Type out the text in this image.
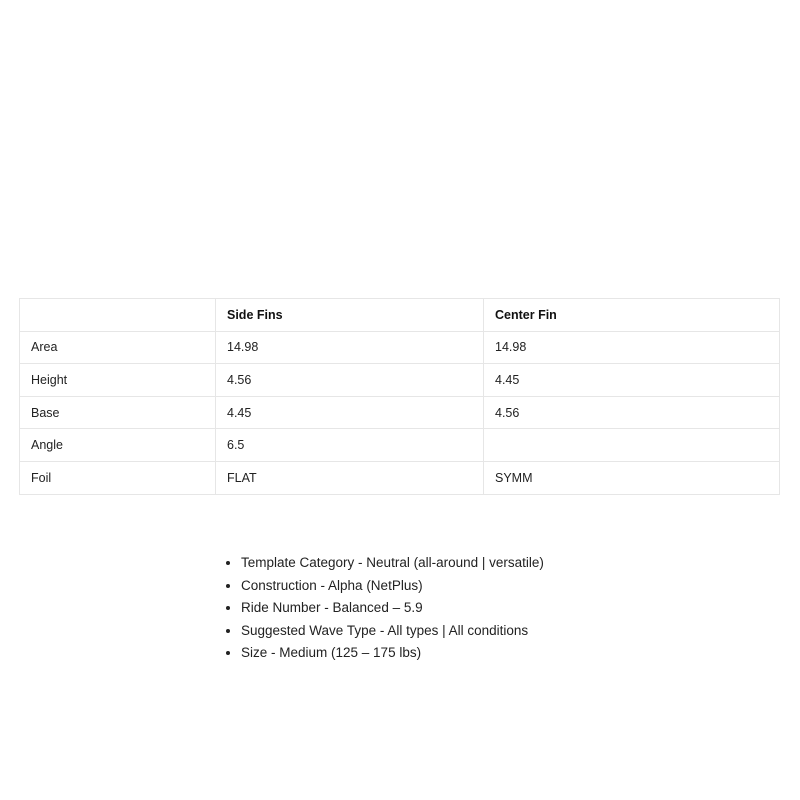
	Side Fins	Center Fin
Area	14.98	14.98
Height	4.56	4.45
Base	4.45	4.56
Angle	6.5	
Foil	FLAT	SYMM
• Template Category - Neutral (all-around | versatile)
• Construction - Alpha (NetPlus)
• Ride Number - Balanced – 5.9
• Suggested Wave Type - All types | All conditions
• Size - Medium (125 – 175 lbs)
